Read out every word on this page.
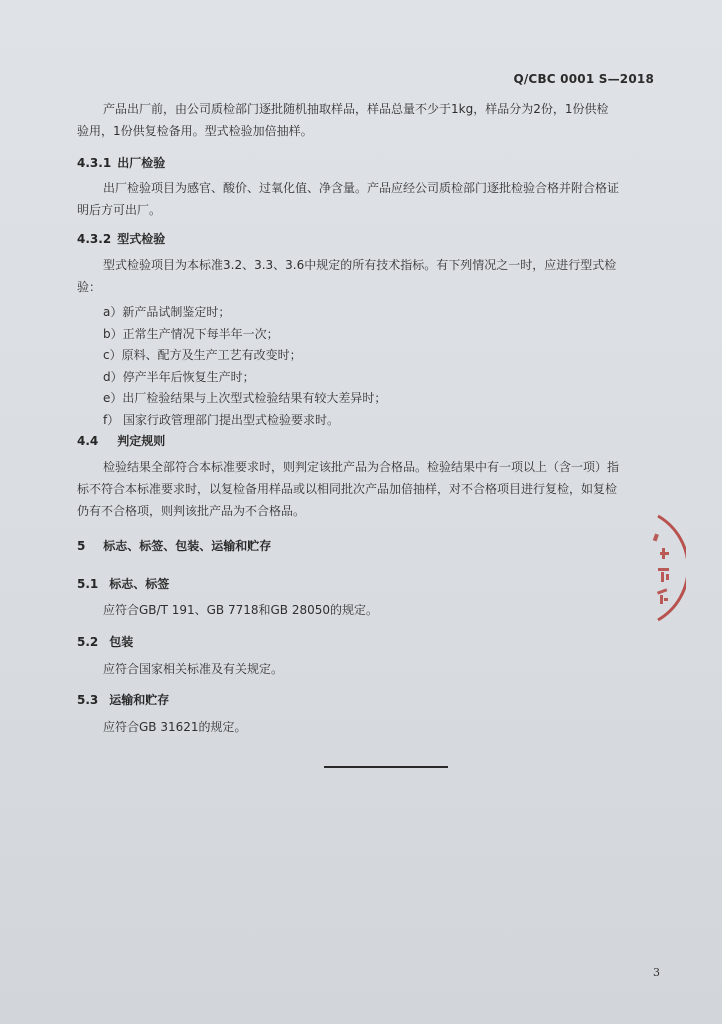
Q/CBC 0001 S—2018
产品出厂前，由公司质检部门逐批随机抽取样品，样品总量不少于1kg，样品分为2份，1份供检
验用，1份供复检备用。型式检验加倍抽样。
4.3.1 出厂检验
出厂检验项目为感官、酸价、过氧化值、净含量。产品应经公司质检部门逐批检验合格并附合格证
明后方可出厂。
4.3.2 型式检验
型式检验项目为本标准3.2、3.3、3.6中规定的所有技术指标。有下列情况之一时，应进行型式检
验：
a）新产品试制鉴定时；
b）正常生产情况下每半年一次；
c）原料、配方及生产工艺有改变时；
d）停产半年后恢复生产时；
e）出厂检验结果与上次型式检验结果有较大差异时；
f） 国家行政管理部门提出型式检验要求时。
4.4 判定规则
检验结果全部符合本标准要求时，则判定该批产品为合格品。检验结果中有一项以上（含一项）指
标不符合本标准要求时，以复检备用样品或以相同批次产品加倍抽样，对不合格项目进行复检，如复检
仍有不合格项，则判该批产品为不合格品。
5 标志、标签、包装、运输和贮存
5.1 标志、标签
应符合GB/T 191、GB 7718和GB 28050的规定。
5.2 包装
应符合国家相关标准及有关规定。
5.3 运输和贮存
应符合GB 31621的规定。
3
